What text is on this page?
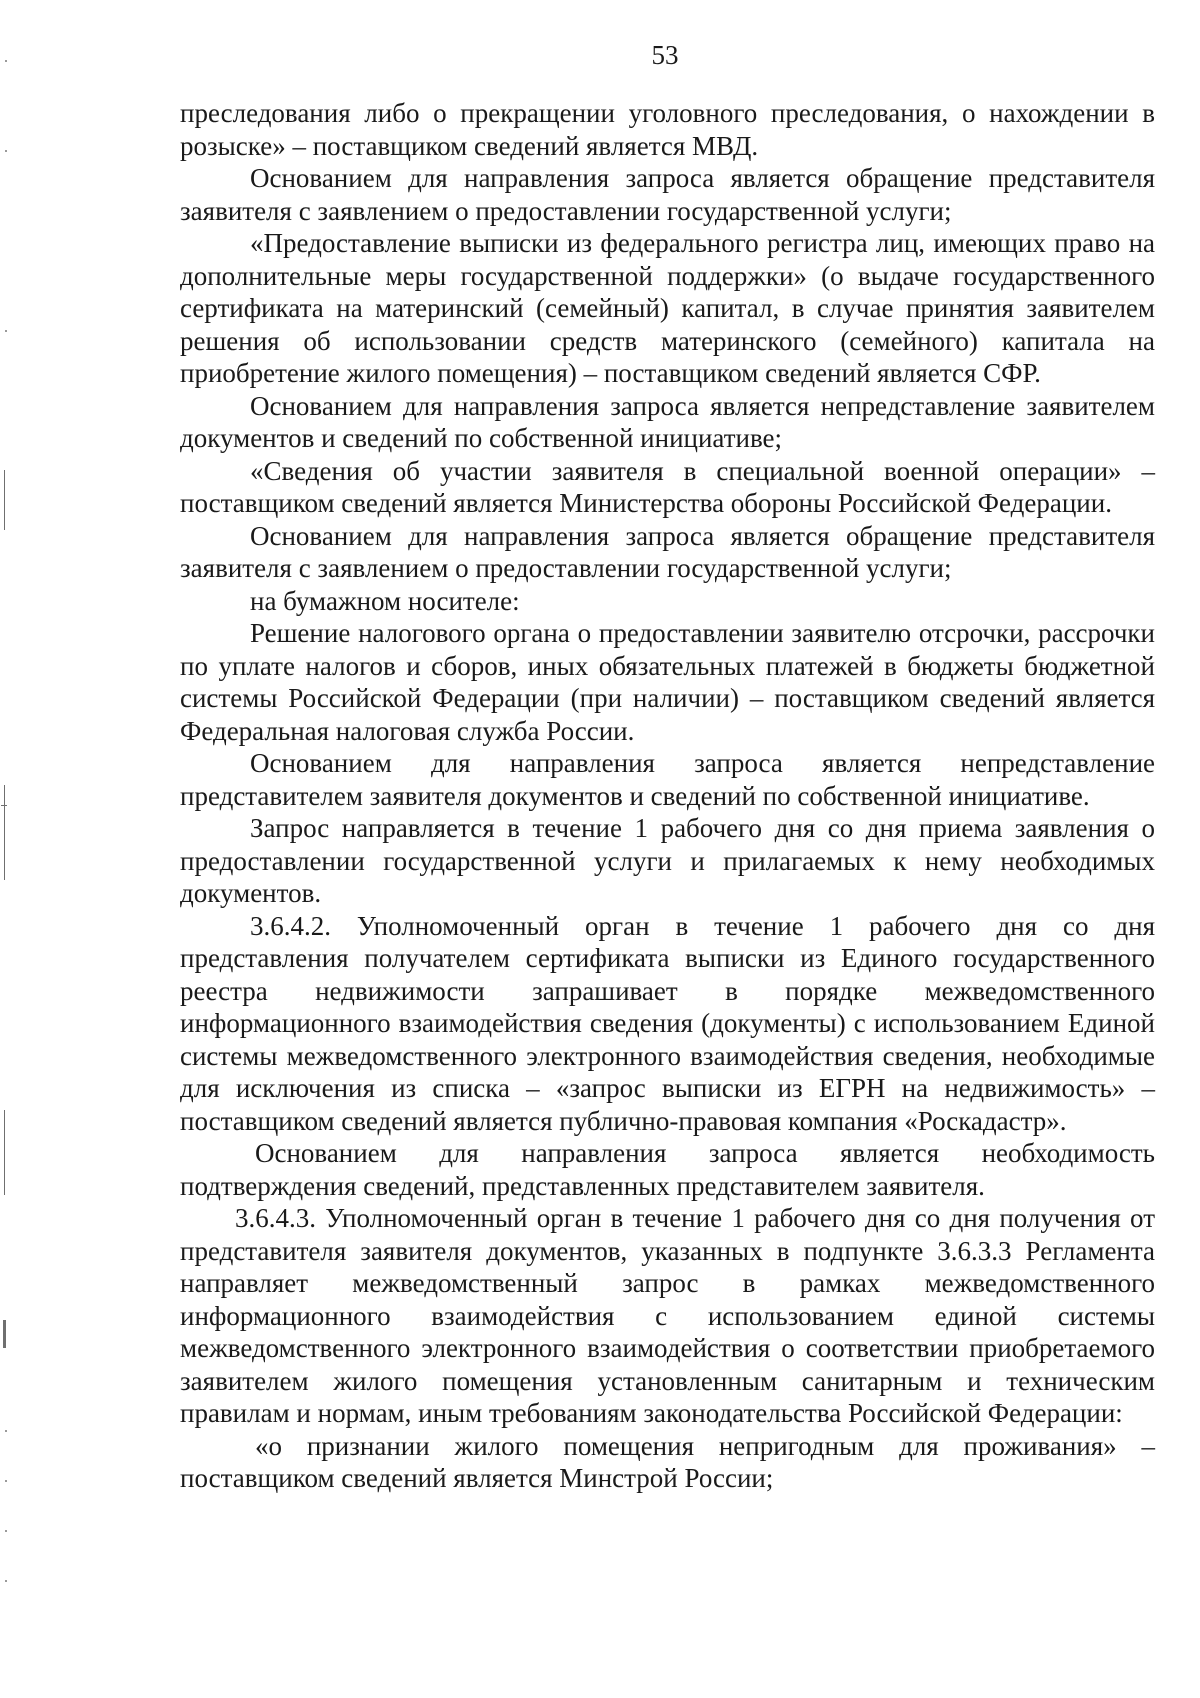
53

преследования либо о прекращении уголовного преследования, о нахождении в розыске» – поставщиком сведений является МВД.

Основанием для направления запроса является обращение представителя заявителя с заявлением о предоставлении государственной услуги;

«Предоставление выписки из федерального регистра лиц, имеющих право на дополнительные меры государственной поддержки» (о выдаче государственного сертификата на материнский (семейный) капитал, в случае принятия заявителем решения об использовании средств материнского (семейного) капитала на приобретение жилого помещения) – поставщиком сведений является СФР.

Основанием для направления запроса является непредставление заявителем документов и сведений по собственной инициативе;

«Сведения об участии заявителя в специальной военной операции» – поставщиком сведений является Министерства обороны Российской Федерации.

Основанием для направления запроса является обращение представителя заявителя с заявлением о предоставлении государственной услуги;

на бумажном носителе:

Решение налогового органа о предоставлении заявителю отсрочки, рассрочки по уплате налогов и сборов, иных обязательных платежей в бюджеты бюджетной системы Российской Федерации (при наличии) – поставщиком сведений является Федеральная налоговая служба России.

Основанием для направления запроса является непредставление представителем заявителя документов и сведений по собственной инициативе.

Запрос направляется в течение 1 рабочего дня со дня приема заявления о предоставлении государственной услуги и прилагаемых к нему необходимых документов.

3.6.4.2. Уполномоченный орган в течение 1 рабочего дня со дня представления получателем сертификата выписки из Единого государственного реестра недвижимости запрашивает в порядке межведомственного информационного взаимодействия сведения (документы) с использованием Единой системы межведомственного электронного взаимодействия сведения, необходимые для исключения из списка – «запрос выписки из ЕГРН на недвижимость» – поставщиком сведений является публично-правовая компания «Роскадастр».

Основанием для направления запроса является необходимость подтверждения сведений, представленных представителем заявителя.

3.6.4.3. Уполномоченный орган в течение 1 рабочего дня со дня получения от представителя заявителя документов, указанных в подпункте 3.6.3.3 Регламента направляет межведомственный запрос в рамках межведомственного информационного взаимодействия с использованием единой системы межведомственного электронного взаимодействия о соответствии приобретаемого заявителем жилого помещения установленным санитарным и техническим правилам и нормам, иным требованиям законодательства Российской Федерации:

«о признании жилого помещения непригодным для проживания» – поставщиком сведений является Минстрой России;
